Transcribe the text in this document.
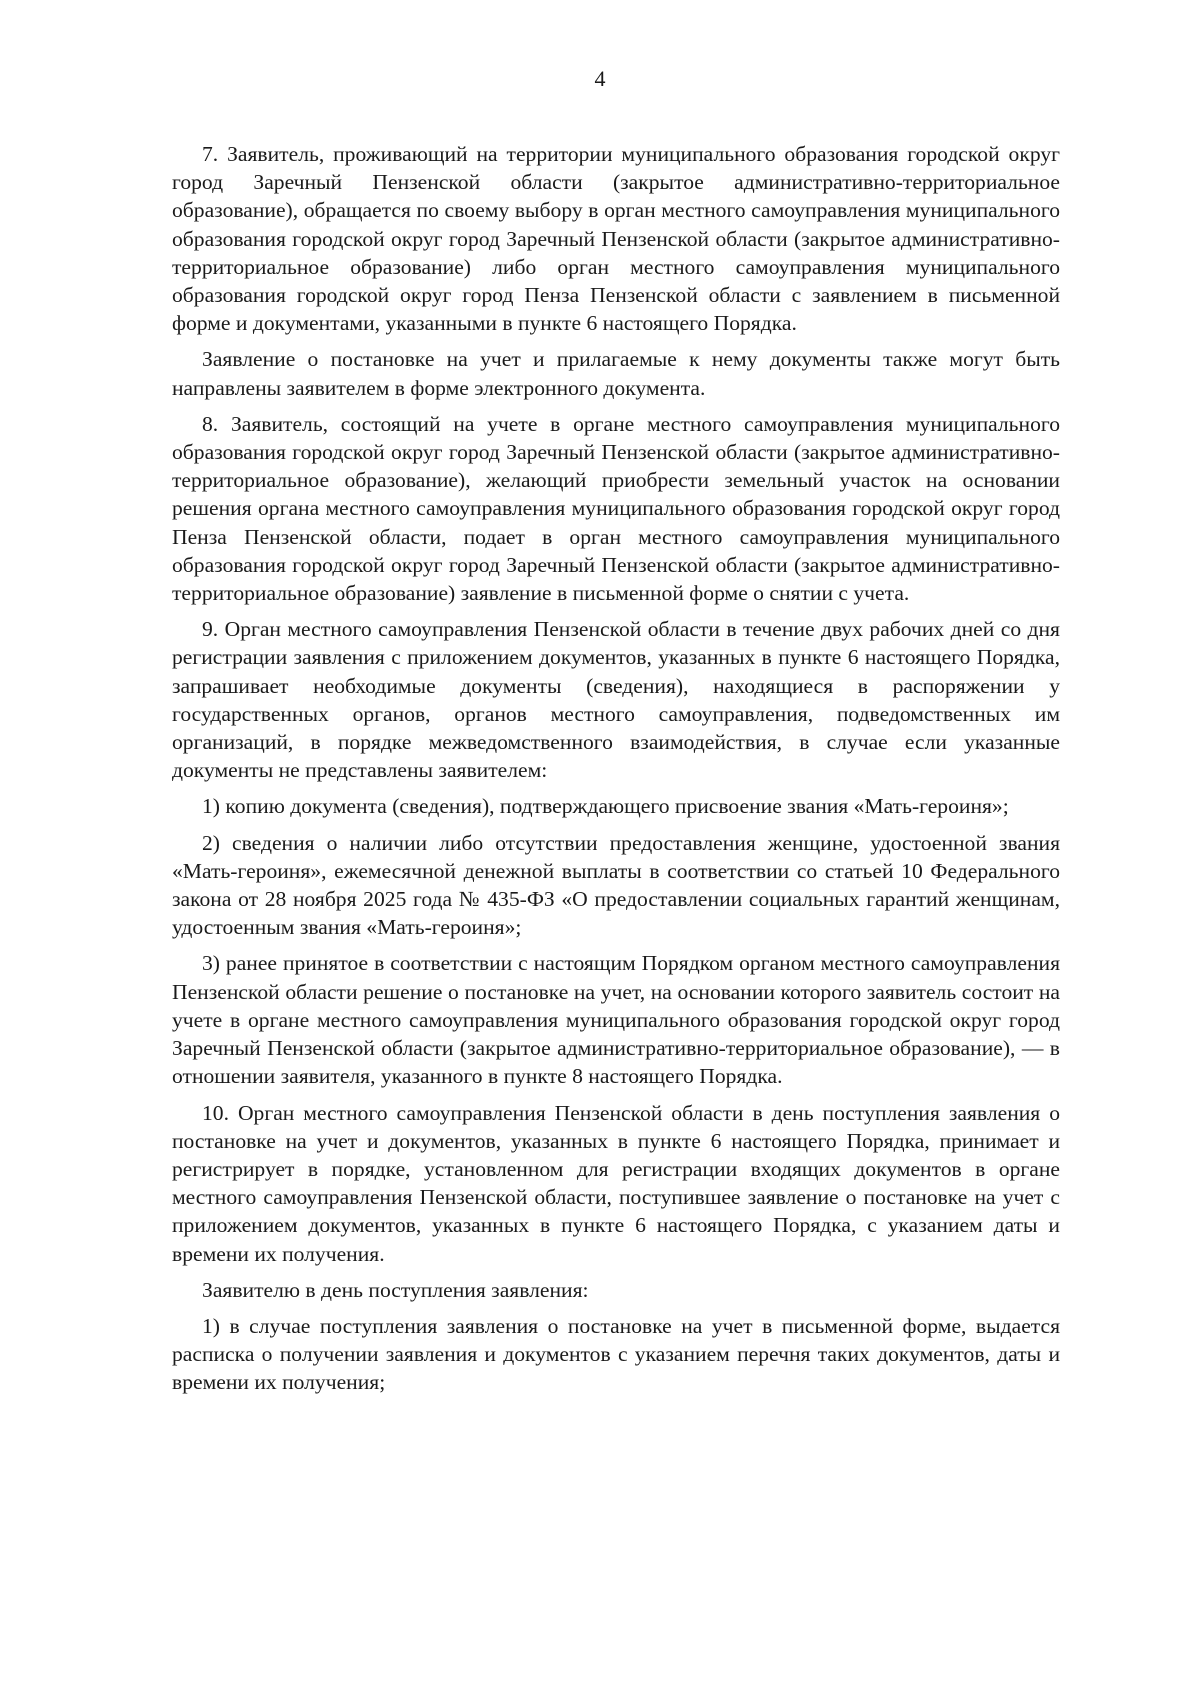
4

7. Заявитель, проживающий на территории муниципального образования городской округ город Заречный Пензенской области (закрытое административно-территориальное образование), обращается по своему выбору в орган местного самоуправления муниципального образования городской округ город Заречный Пензенской области (закрытое административно-территориальное образование) либо орган местного самоуправления муниципального образования городской округ город Пенза Пензенской области с заявлением в письменной форме и документами, указанными в пункте 6 настоящего Порядка.

Заявление о постановке на учет и прилагаемые к нему документы также могут быть направлены заявителем в форме электронного документа.

8. Заявитель, состоящий на учете в органе местного самоуправления муниципального образования городской округ город Заречный Пензенской области (закрытое административно-территориальное образование), желающий приобрести земельный участок на основании решения органа местного самоуправления муниципального образования городской округ город Пенза Пензенской области, подает в орган местного самоуправления муниципального образования городской округ город Заречный Пензенской области (закрытое административно-территориальное образование) заявление в письменной форме о снятии с учета.

9. Орган местного самоуправления Пензенской области в течение двух рабочих дней со дня регистрации заявления с приложением документов, указанных в пункте 6 настоящего Порядка, запрашивает необходимые документы (сведения), находящиеся в распоряжении у государственных органов, органов местного самоуправления, подведомственных им организаций, в порядке межведомственного взаимодействия, в случае если указанные документы не представлены заявителем:

1) копию документа (сведения), подтверждающего присвоение звания «Мать-героиня»;

2) сведения о наличии либо отсутствии предоставления женщине, удостоенной звания «Мать-героиня», ежемесячной денежной выплаты в соответствии со статьей 10 Федерального закона от 28 ноября 2025 года № 435-ФЗ «О предоставлении социальных гарантий женщинам, удостоенным звания «Мать-героиня»;

3) ранее принятое в соответствии с настоящим Порядком органом местного самоуправления Пензенской области решение о постановке на учет, на основании которого заявитель состоит на учете в органе местного самоуправления муниципального образования городской округ город Заречный Пензенской области (закрытое административно-территориальное образование), — в отношении заявителя, указанного в пункте 8 настоящего Порядка.

10. Орган местного самоуправления Пензенской области в день поступления заявления о постановке на учет и документов, указанных в пункте 6 настоящего Порядка, принимает и регистрирует в порядке, установленном для регистрации входящих документов в органе местного самоуправления Пензенской области, поступившее заявление о постановке на учет с приложением документов, указанных в пункте 6 настоящего Порядка, с указанием даты и времени их получения.

Заявителю в день поступления заявления:

1) в случае поступления заявления о постановке на учет в письменной форме, выдается расписка о получении заявления и документов с указанием перечня таких документов, даты и времени их получения;
